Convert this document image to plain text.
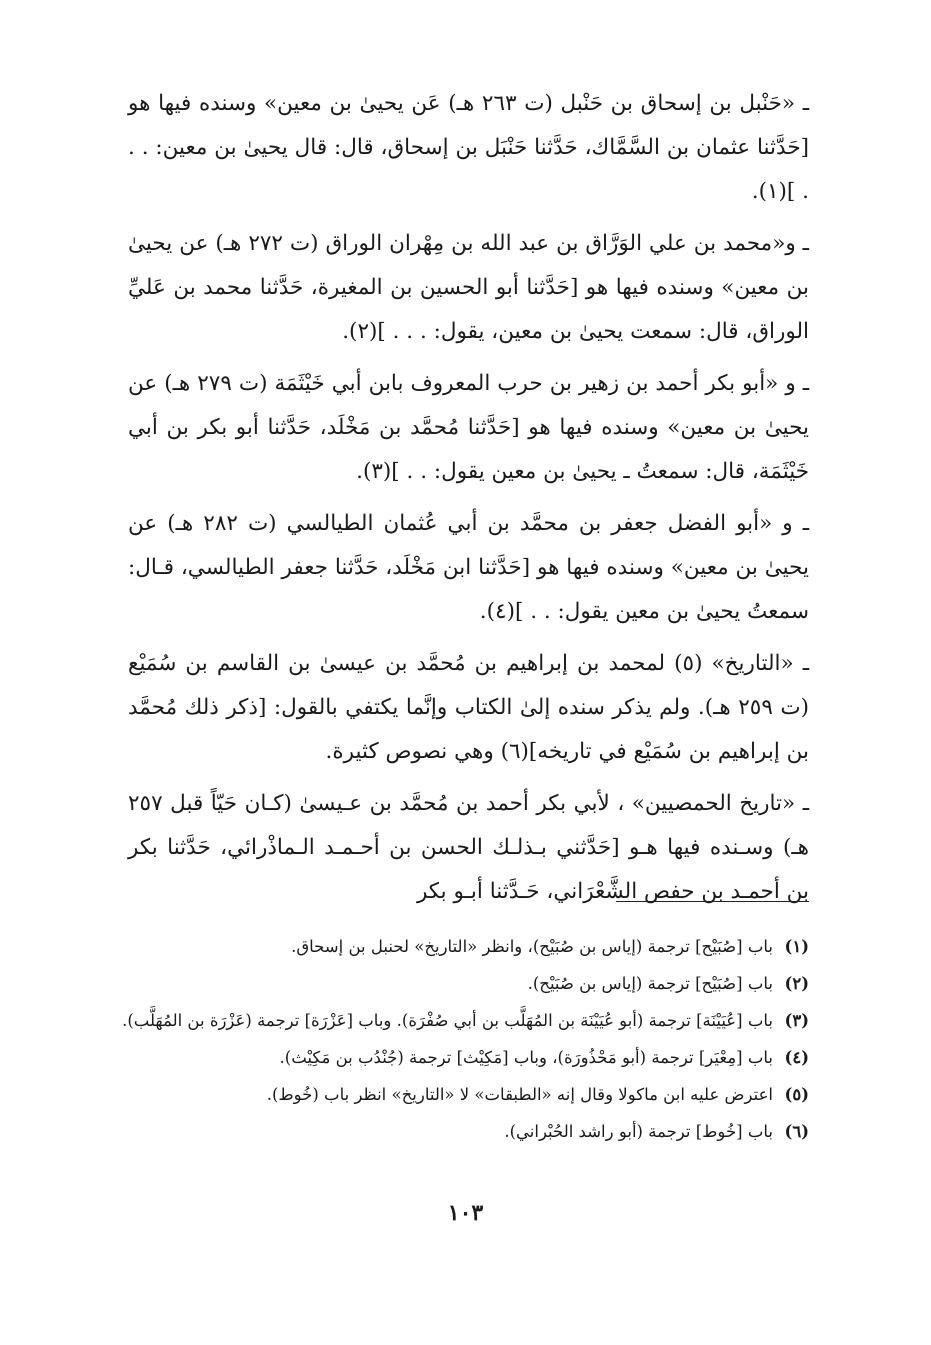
ـ «حَنْبل بن إسحاق بن حَنْبل (ت ٢٦٣ هـ) عَن يحيىٰ بن معين» وسنده فيها هو [حَدَّثنا عثمان بن السَّمَّاك، حَدَّثنا حَنْبَل بن إسحاق، قال: قال يحيىٰ بن معين: . . . ](١).

ـ و«محمد بن علي الوَرَّاق بن عبد الله بن مِهْران الوراق (ت ٢٧٢ هـ) عن يحيىٰ بن معين» وسنده فيها هو [حَدَّثنا أبو الحسين بن المغيرة، حَدَّثنا محمد بن عَليِّ الوراق، قال: سمعت يحيىٰ بن معين، يقول: . . . ](٢).

ـ و «أبو بكر أحمد بن زهير بن حرب المعروف بابن أبي خَيْثَمَة (ت ٢٧٩ هـ) عن يحيىٰ بن معين» وسنده فيها هو [حَدَّثنا مُحمَّد بن مَخْلَد، حَدَّثنا أبو بكر بن أبي خَيْثَمَة، قال: سمعتُ ـ يحيىٰ بن معين يقول: . . ](٣).

ـ و «أبو الفضل جعفر بن محمَّد بن أبي عُثمان الطيالسي (ت ٢٨٢ هـ) عن يحيىٰ بن معين» وسنده فيها هو [حَدَّثنا ابن مَخْلَد، حَدَّثنا جعفر الطيالسي، قـال: سمعتُ يحيىٰ بن معين يقول: . . ](٤).

ـ «التاريخ» (٥) لمحمد بن إبراهيم بن مُحمَّد بن عيسىٰ بن القاسم بن سُمَيْع (ت ٢٥٩ هـ). ولم يذكر سنده إلىٰ الكتاب وإنَّما يكتفي بالقول: [ذكر ذلك مُحمَّد بن إبراهيم بن سُمَيْع في تاريخه](٦) وهي نصوص كثيرة.

ـ «تاريخ الحمصيين» ، لأبي بكر أحمد بن مُحمَّد بن عـيسىٰ (كـان حَيّاً قبل ٢٥٧ هـ) وسـنده فيها هـو [حَدَّثني بـذلـك الحسن بن أحـمـد الـماذْرائي، حَدَّثنا بكر بن أحمـد بن حفص الشَّعْرَاني، حَـدَّثنا أبـو بكر

(١)
باب [صُبَيْح] ترجمة (إياس بن صُبَيْح)، وانظر «التاريخ» لحنبل بن إسحاق.

(٢)
باب [صُبَيْح] ترجمة (إياس بن صُبَيْح).

(٣)
باب [عُيَيْنَة] ترجمة (أبو عُيَيْنَة بن المُهَلَّب بن أبي صُفْرَة). وباب [عَزْرَة] ترجمة (عَزْرَة بن المُهَلَّب).

(٤)
باب [مِعْيَر] ترجمة (أبو مَحْذُورَة)، وباب [مَكِيْث] ترجمة (جُنْدُب بن مَكِيْث).

(٥)
اعترض عليه ابن ماكولا وقال إنه «الطبقات» لا «التاريخ» انظر باب (خُوط).

(٦)
باب [خُوط] ترجمة (أبو راشد الحُبْراني).

١٠٣
